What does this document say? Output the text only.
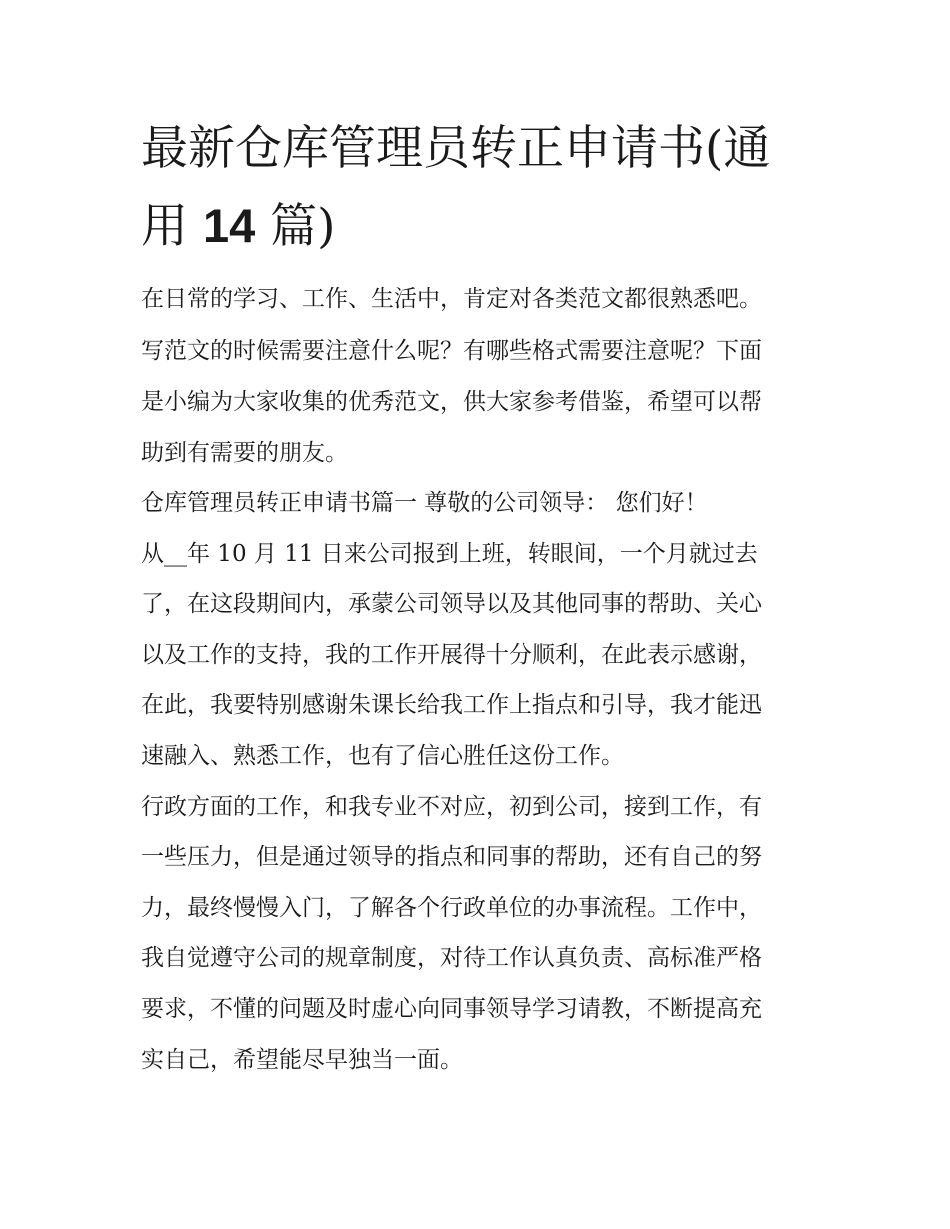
最新仓库管理员转正申请书(通
用 14 篇)

在日常的学习、工作、生活中，肯定对各类范文都很熟悉吧。

写范文的时候需要注意什么呢？有哪些格式需要注意呢？下面

是小编为大家收集的优秀范文，供大家参考借鉴，希望可以帮

助到有需要的朋友。

仓库管理员转正申请书篇一 尊敬的公司领导： 您们好！

从__年 10 月 11 日来公司报到上班，转眼间，一个月就过去

了，在这段期间内，承蒙公司领导以及其他同事的帮助、关心

以及工作的支持，我的工作开展得十分顺利，在此表示感谢，

在此，我要特别感谢朱课长给我工作上指点和引导，我才能迅

速融入、熟悉工作，也有了信心胜任这份工作。

行政方面的工作，和我专业不对应，初到公司，接到工作，有

一些压力，但是通过领导的指点和同事的帮助，还有自己的努

力，最终慢慢入门，了解各个行政单位的办事流程。工作中，

我自觉遵守公司的规章制度，对待工作认真负责、高标准严格

要求，不懂的问题及时虚心向同事领导学习请教，不断提高充

实自己，希望能尽早独当一面。
